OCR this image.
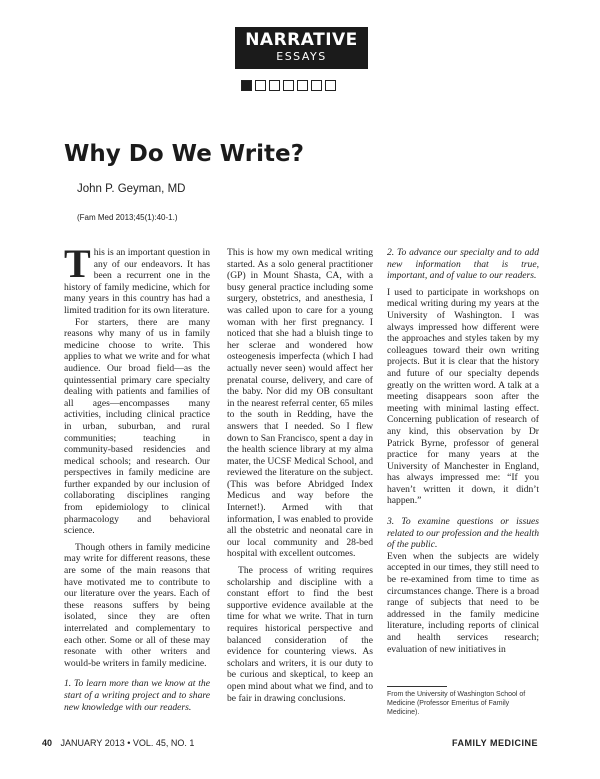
NARRATIVE
ESSAYS
Why Do We Write?
John P. Geyman, MD
(Fam Med 2013;45(1):40-1.)

This is an important question in any of our endeavors. It has been a recurrent one in the history of family medicine, which for many years in this country has had a limited tradition for its own literature.

For starters, there are many reasons why many of us in family medicine choose to write. This applies to what we write and for what audience. Our broad field—as the quintessential primary care specialty dealing with patients and families of all ages—encompasses many activities, including clinical practice in urban, suburban, and rural communities; teaching in community-based residencies and medical schools; and research. Our perspectives in family medicine are further expanded by our inclusion of collaborating disciplines ranging from epidemiology to clinical pharmacology and behavioral science.

Though others in family medicine may write for different reasons, these are some of the main reasons that have motivated me to contribute to our literature over the years. Each of these reasons suffers by being isolated, since they are often interrelated and complementary to each other. Some or all of these may resonate with other writers and would-be writers in family medicine.

1. To learn more than we know at the start of a writing project and to share new knowledge with our readers.

This is how my own medical writing started. As a solo general practitioner (GP) in Mount Shasta, CA, with a busy general practice including some surgery, obstetrics, and anesthesia, I was called upon to care for a young woman with her first pregnancy. I noticed that she had a bluish tinge to her sclerae and wondered how osteogenesis imperfecta (which I had actually never seen) would affect her prenatal course, delivery, and care of the baby. Nor did my OB consultant in the nearest referral center, 65 miles to the south in Redding, have the answers that I needed. So I flew down to San Francisco, spent a day in the health science library at my alma mater, the UCSF Medical School, and reviewed the literature on the subject. (This was before Abridged Index Medicus and way before the Internet!). Armed with that information, I was enabled to provide all the obstetric and neonatal care in our local community and 28-bed hospital with excellent outcomes.

The process of writing requires scholarship and discipline with a constant effort to find the best supportive evidence available at the time for what we write. That in turn requires historical perspective and balanced consideration of the evidence for countering views. As scholars and writers, it is our duty to be curious and skeptical, to keep an open mind about what we find, and to be fair in drawing conclusions.

2. To advance our specialty and to add new information that is true, important, and of value to our readers.

I used to participate in workshops on medical writing during my years at the University of Washington. I was always impressed how different were the approaches and styles taken by my colleagues toward their own writing projects. But it is clear that the history and future of our specialty depends greatly on the written word. A talk at a meeting disappears soon after the meeting with minimal lasting effect. Concerning publication of research of any kind, this observation by Dr Patrick Byrne, professor of general practice for many years at the University of Manchester in England, has always impressed me: “If you haven’t written it down, it didn’t happen.”

3. To examine questions or issues related to our profession and the health of the public.

Even when the subjects are widely accepted in our times, they still need to be re-examined from time to time as circumstances change. There is a broad range of subjects that need to be addressed in the family medicine literature, including reports of clinical and health services research; evaluation of new initiatives in

From the University of Washington School of Medicine (Professor Emeritus of Family Medicine).
40 JANUARY 2013 • VOL. 45, NO. 1	FAMILY MEDICINE
